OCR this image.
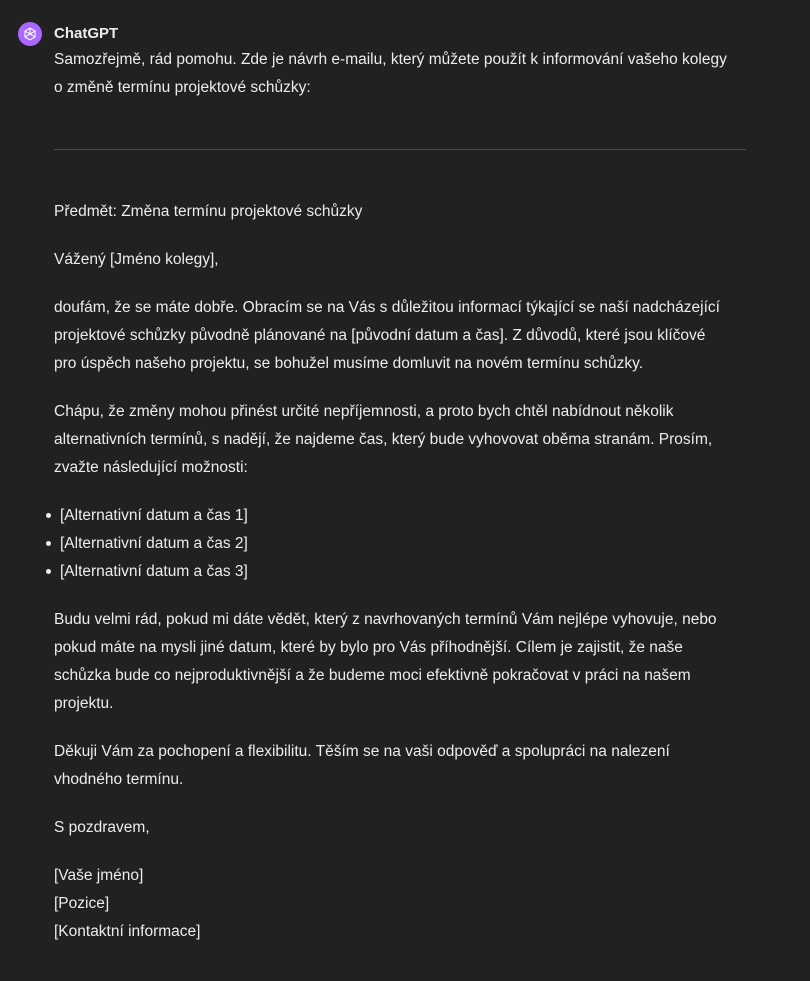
ChatGPT

Samozřejmě, rád pomohu. Zde je návrh e-mailu, který můžete použít k informování vašeho kolegy

o změně termínu projektové schůzky:

Předmět: Změna termínu projektové schůzky

Vážený [Jméno kolegy],

doufám, že se máte dobře. Obracím se na Vás s důležitou informací týkající se naší nadcházející

projektové schůzky původně plánované na [původní datum a čas]. Z důvodů, které jsou klíčové

pro úspěch našeho projektu, se bohužel musíme domluvit na novém termínu schůzky.

Chápu, že změny mohou přinést určité nepříjemnosti, a proto bych chtěl nabídnout několik

alternativních termínů, s nadějí, že najdeme čas, který bude vyhovovat oběma stranám. Prosím,

zvažte následující možnosti:

[Alternativní datum a čas 1]
[Alternativní datum a čas 2]
[Alternativní datum a čas 3]

Budu velmi rád, pokud mi dáte vědět, který z navrhovaných termínů Vám nejlépe vyhovuje, nebo

pokud máte na mysli jiné datum, které by bylo pro Vás příhodnější. Cílem je zajistit, že naše

schůzka bude co nejproduktivnější a že budeme moci efektivně pokračovat v práci na našem

projektu.

Děkuji Vám za pochopení a flexibilitu. Těším se na vaši odpověď a spolupráci na nalezení

vhodného termínu.

S pozdravem,

[Vaše jméno]

[Pozice]

[Kontaktní informace]
